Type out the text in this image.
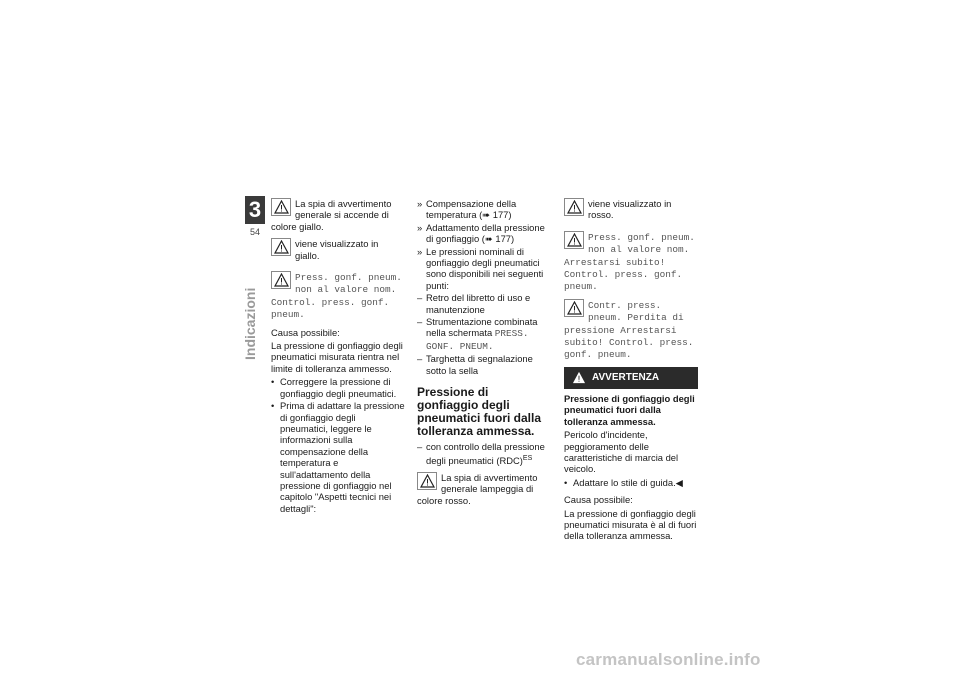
3
54
Indicazioni
La spia di avvertimento generale si accende di colore giallo.
viene visualizzato in giallo.
Press. gonf. pneum. non al valore nom. Control. press. gonf. pneum.
Causa possibile:
La pressione di gonfiaggio degli pneumatici misurata rientra nel limite di tolleranza ammesso.
• Correggere la pressione di gonfiaggio degli pneumatici.
• Prima di adattare la pressione di gonfiaggio degli pneumatici, leggere le informazioni sulla compensazione della temperatura e sull'adattamento della pressione di gonfiaggio nel capitolo "Aspetti tecnici nei dettagli":
» Compensazione della temperatura (➠ 177)
» Adattamento della pressione di gonfiaggio (➠ 177)
» Le pressioni nominali di gonfiaggio degli pneumatici sono disponibili nei seguenti punti:
– Retro del libretto di uso e manutenzione
– Strumentazione combinata nella schermata PRESS. GONF. PNEUM.
– Targhetta di segnalazione sotto la sella
Pressione di gonfiaggio degli pneumatici fuori dalla tolleranza ammessa.
– con controllo della pressione degli pneumatici (RDC)$^{ES}$
La spia di avvertimento generale lampeggia di colore rosso.
viene visualizzato in rosso.
Press. gonf. pneum. non al valore nom. Arrestarsi subito! Control. press. gonf. pneum.
Contr. press. pneum. Perdita di pressione Arrestarsi subito! Control. press. gonf. pneum.
AVVERTENZA
Pressione di gonfiaggio degli pneumatici fuori dalla tolleranza ammessa.
Pericolo d'incidente, peggioramento delle caratteristiche di marcia del veicolo.
• Adattare lo stile di guida.◀
Causa possibile:
La pressione di gonfiaggio degli pneumatici misurata è al di fuori della tolleranza ammessa.
carmanualsonline.info
